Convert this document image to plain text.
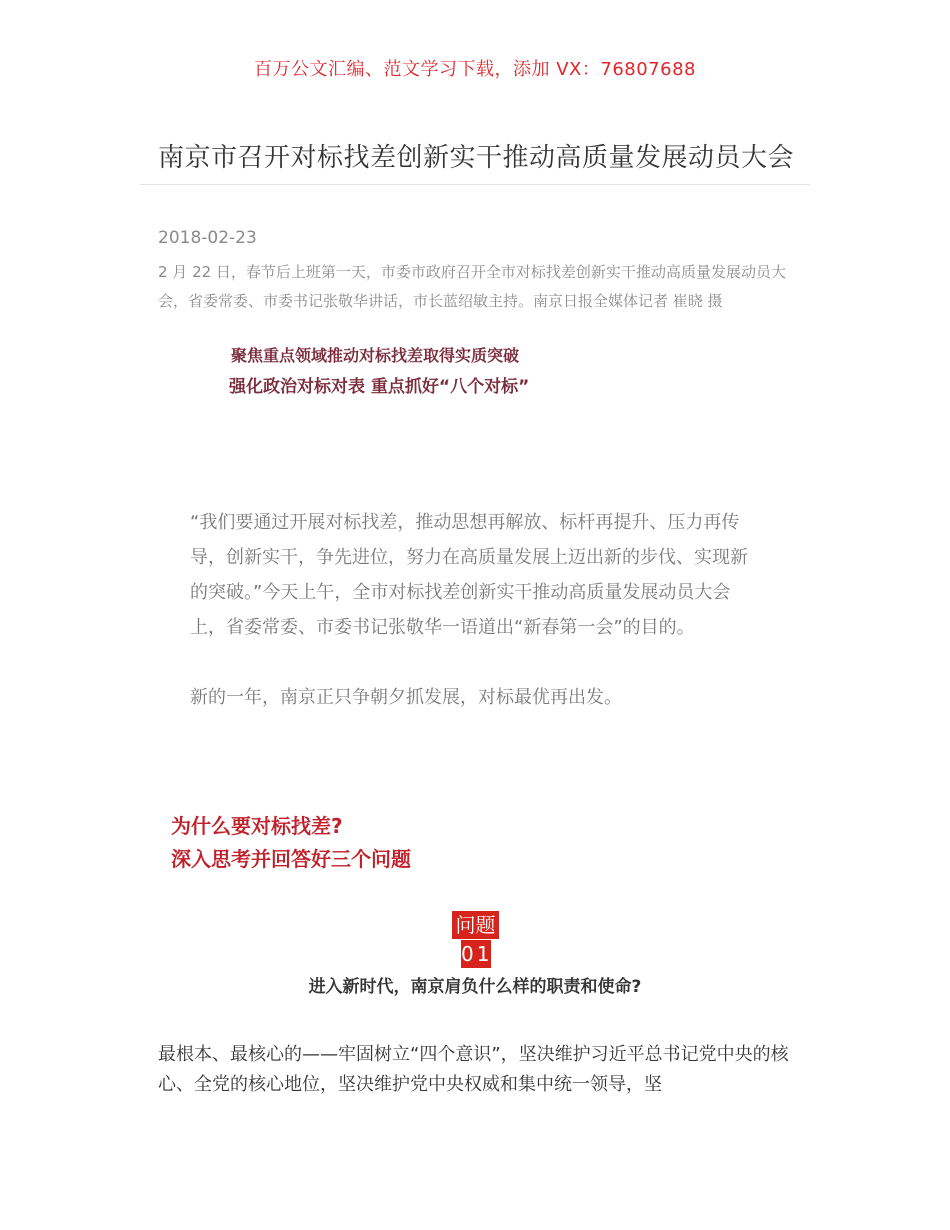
百万公文汇编、范文学习下载，添加 VX：76807688
南京市召开对标找差创新实干推动高质量发展动员大会
2018-02-23
2 月 22 日，春节后上班第一天，市委市政府召开全市对标找差创新实干推动高质量发展动员大会，省委常委、市委书记张敬华讲话，市长蓝绍敏主持。南京日报全媒体记者 崔晓 摄
聚焦重点领域推动对标找差取得实质突破
强化政治对标对表 重点抓好“八个对标”

“我们要通过开展对标找差，推动思想再解放、标杆再提升、压力再传导，创新实干，争先进位，努力在高质量发展上迈出新的步伐、实现新的突破。”今天上午，全市对标找差创新实干推动高质量发展动员大会上，省委常委、市委书记张敬华一语道出“新春第一会”的目的。

新的一年，南京正只争朝夕抓发展，对标最优再出发。

为什么要对标找差?
深入思考并回答好三个问题
问题
01
进入新时代，南京肩负什么样的职责和使命?
最根本、最核心的——牢固树立“四个意识”，坚决维护习近平总书记党中央的核心、全党的核心地位，坚决维护党中央权威和集中统一领导，坚
